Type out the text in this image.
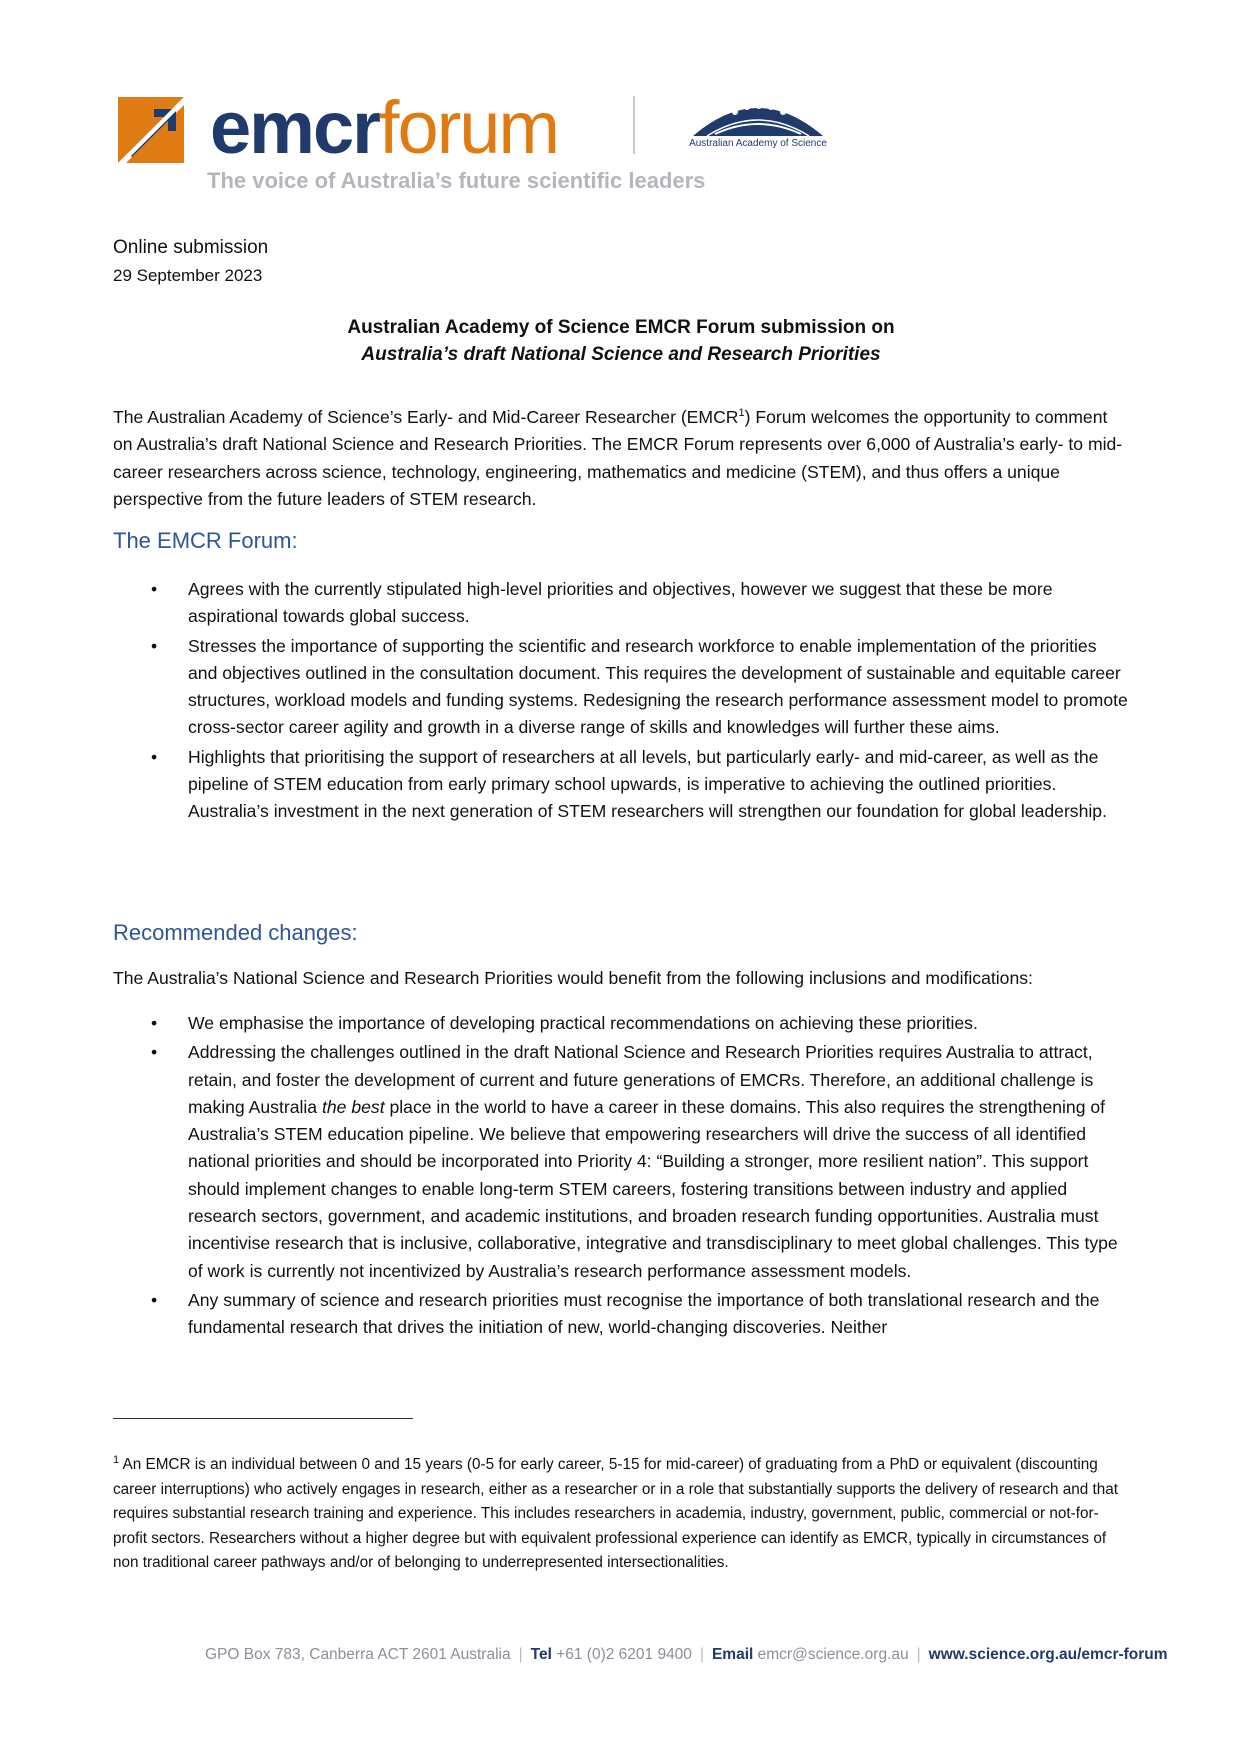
emcrforum	Australian Academy of Science
The voice of Australia’s future scientific leaders
Online submission
29 September 2023
Australian Academy of Science EMCR Forum submission on
Australia’s draft National Science and Research Priorities

The Australian Academy of Science’s Early- and Mid-Career Researcher (EMCR$^1$) Forum welcomes the opportunity to comment on Australia’s draft National Science and Research Priorities. The EMCR Forum represents over 6,000 of Australia’s early- to mid-career researchers across science, technology, engineering, mathematics and medicine (STEM), and thus offers a unique perspective from the future leaders of STEM research.

The EMCR Forum:
• Agrees with the currently stipulated high-level priorities and objectives, however we suggest that these be more aspirational towards global success.
• Stresses the importance of supporting the scientific and research workforce to enable implementation of the priorities and objectives outlined in the consultation document. This requires the development of sustainable and equitable career structures, workload models and funding systems. Redesigning the research performance assessment model to promote cross-sector career agility and growth in a diverse range of skills and knowledges will further these aims.
• Highlights that prioritising the support of researchers at all levels, but particularly early- and mid-career, as well as the pipeline of STEM education from early primary school upwards, is imperative to achieving the outlined priorities. Australia’s investment in the next generation of STEM researchers will strengthen our foundation for global leadership.
Recommended changes:

The Australia’s National Science and Research Priorities would benefit from the following inclusions and modifications:

• We emphasise the importance of developing practical recommendations on achieving these priorities.
• Addressing the challenges outlined in the draft National Science and Research Priorities requires Australia to attract, retain, and foster the development of current and future generations of EMCRs. Therefore, an additional challenge is making Australia the best place in the world to have a career in these domains. This also requires the strengthening of Australia’s STEM education pipeline. We believe that empowering researchers will drive the success of all identified national priorities and should be incorporated into Priority 4: “Building a stronger, more resilient nation”. This support should implement changes to enable long-term STEM careers, fostering transitions between industry and applied research sectors, government, and academic institutions, and broaden research funding opportunities. Australia must incentivise research that is inclusive, collaborative, integrative and transdisciplinary to meet global challenges. This type of work is currently not incentivized by Australia’s research performance assessment models.
• Any summary of science and research priorities must recognise the importance of both translational research and the fundamental research that drives the initiation of new, world-changing discoveries. Neither
$^1$ An EMCR is an individual between 0 and 15 years (0-5 for early career, 5-15 for mid-career) of graduating from a PhD or equivalent (discounting career interruptions) who actively engages in research, either as a researcher or in a role that substantially supports the delivery of research and that requires substantial research training and experience. This includes researchers in academia, industry, government, public, commercial or not-for-profit sectors. Researchers without a higher degree but with equivalent professional experience can identify as EMCR, typically in circumstances of non traditional career pathways and/or of belonging to underrepresented intersectionalities.
GPO Box 783, Canberra ACT 2601 Australia | Tel +61 (0)2 6201 9400 | Email emcr@science.org.au | www.science.org.au/emcr-forum
